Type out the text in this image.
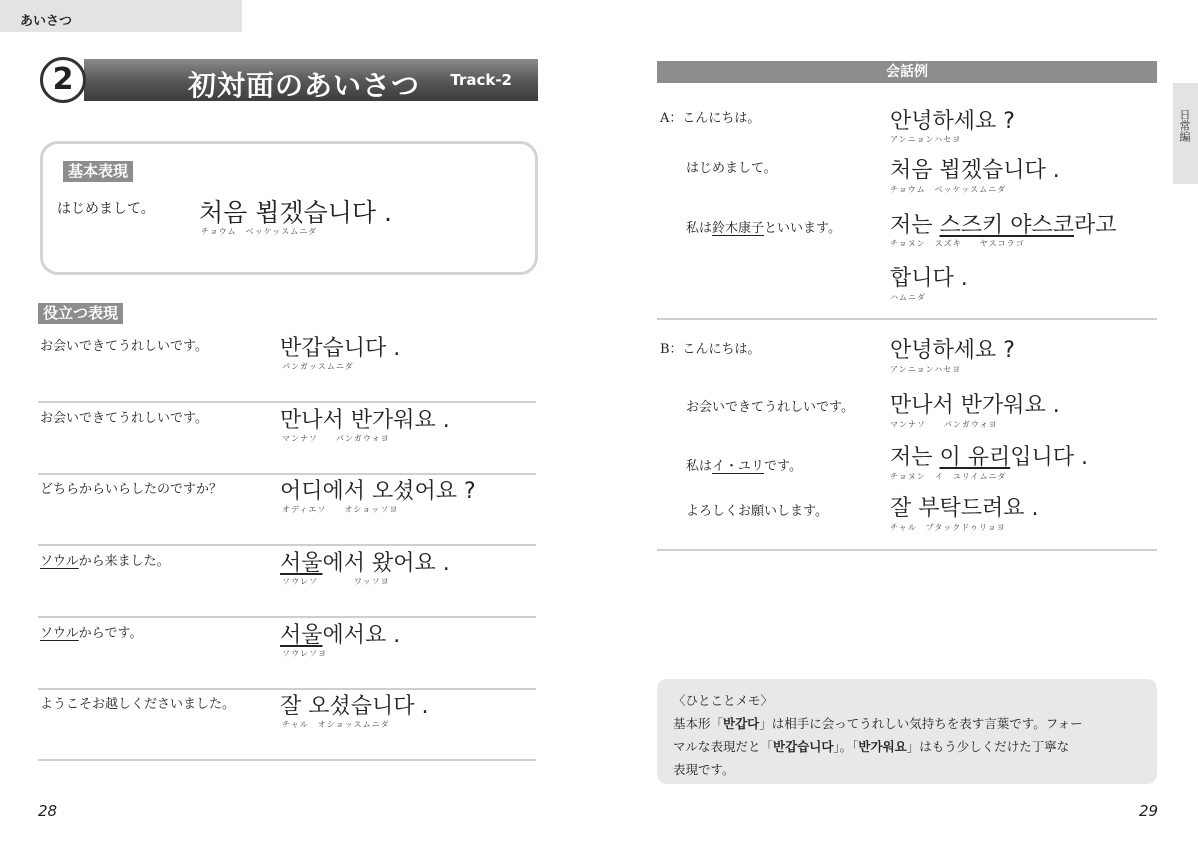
あいさつ
初対面のあいさつ Track-2
2
基本表現
はじめまして。 처음 뵙겠습니다 .
チョウム　ベッケッスムニダ
役立つ表現
お会いできてうれしいです。	반갑습니다 .
パンガッスムニダ
お会いできてうれしいです。	만나서 반가워요 .
マンナソ　　パンガウォヨ
どちらからいらしたのですか？	어디에서 오셨어요 ?
オディエソ　　オショッソヨ
ソウルから来ました。	서울에서 왔어요 .
ソウレソ　　　　ワッソヨ
ソウルからです。	서울에서요 .
ソウレソヨ
ようこそお越しくださいました。 잘 오셨습니다 .
チャル　オショッスムニダ
28
会話例
日常編
A：こんにちは。	안녕하세요 ?
アンニョンハセヨ
はじめまして。	처음 뵙겠습니다 .
チョウム　ベッケッスムニダ
私は鈴木康子といいます。 저는 스즈키 야스코라고
チョヌン　スズキ　　ヤスコラゴ
합니다 .
ハムニダ
B：こんにちは。	안녕하세요 ?
アンニョンハセヨ
お会いできてうれしいです。 만나서 반가워요 .
マンナソ　　パンガウォヨ
私はイ・ユリです。	저는 이 유리입니다 .
チョヌン　イ　ユリイムニダ
よろしくお願いします。	잘 부탁드려요 .
チャル　ブタックドゥリョヨ
〈ひとことメモ〉
基本形「반갑다」は相手に会ってうれしい気持ちを表す言葉です。フォー
マルな表現だと「반갑습니다」。「반가워요」はもう少しくだけた丁寧な
表現です。
29
